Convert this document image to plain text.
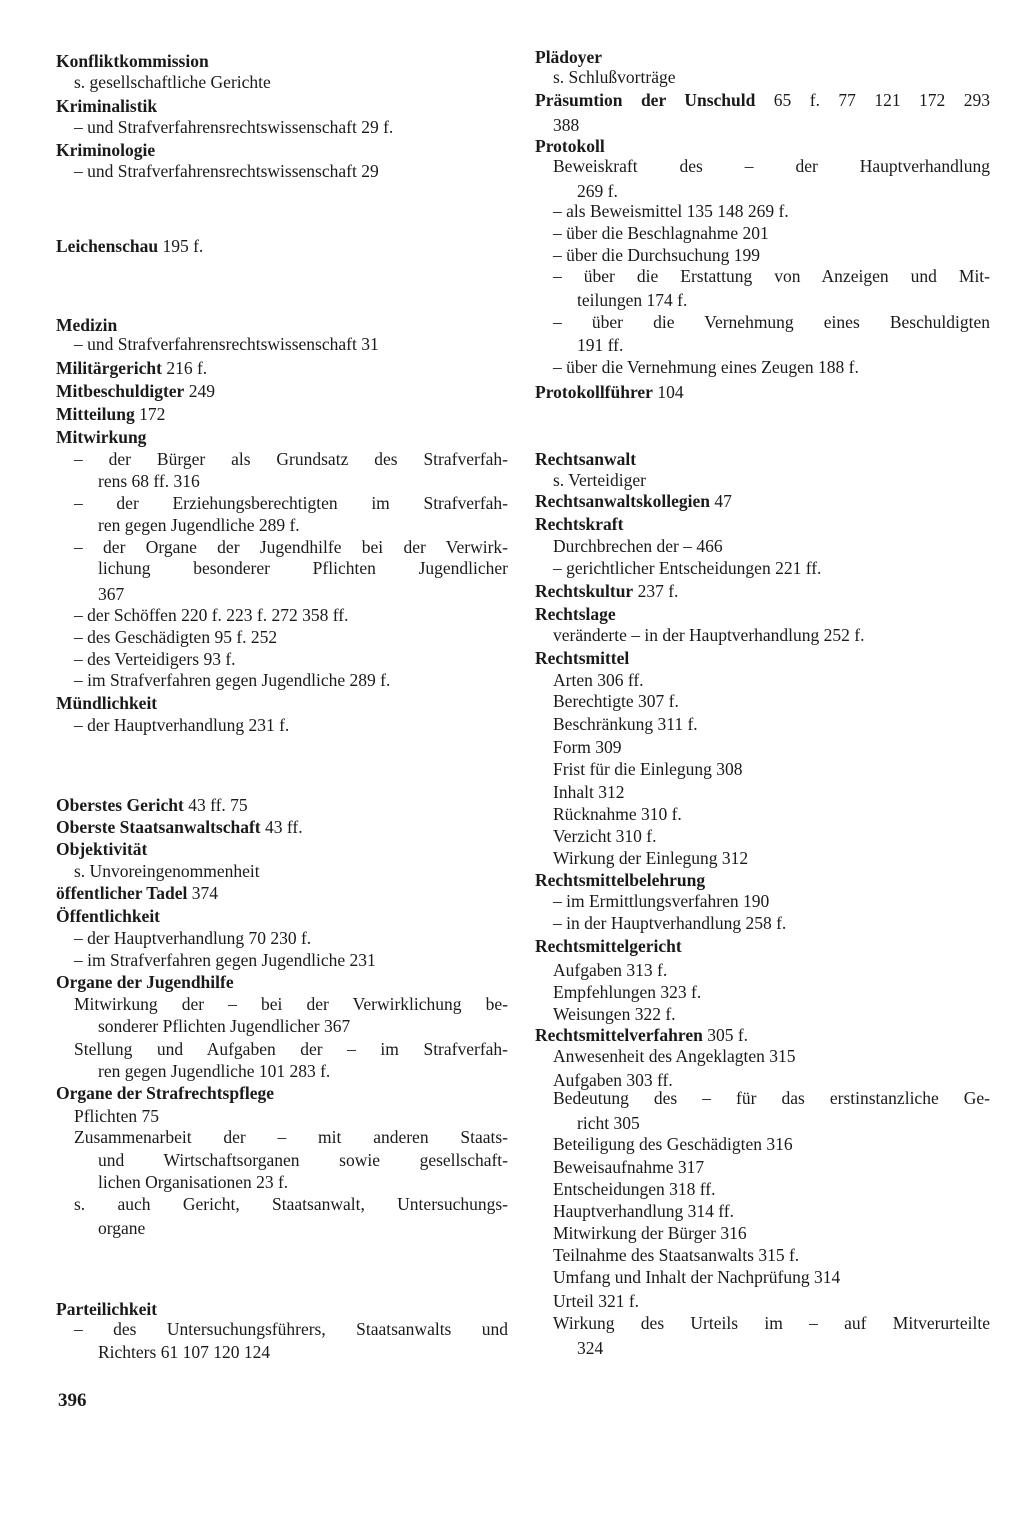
Konfliktkommission
s. gesellschaftliche Gerichte
Kriminalistik
– und Strafverfahrensrechtswissenschaft 29 f.
Kriminologie
– und Strafverfahrensrechtswissenschaft 29
Leichenschau 195 f.
Medizin
– und Strafverfahrensrechtswissenschaft 31
Militärgericht 216 f.
Mitbeschuldigter 249
Mitteilung 172
Mitwirkung
– der Bürger als Grundsatz des Strafverfah-
rens 68 ff. 316
– der Erziehungsberechtigten im Strafverfah-
ren gegen Jugendliche 289 f.
– der Organe der Jugendhilfe bei der Verwirk-
lichung besonderer Pflichten Jugendlicher
367
– der Schöffen 220 f. 223 f. 272 358 ff.
– des Geschädigten 95 f. 252
– des Verteidigers 93 f.
– im Strafverfahren gegen Jugendliche 289 f.
Mündlichkeit
– der Hauptverhandlung 231 f.
Oberstes Gericht 43 ff. 75
Oberste Staatsanwaltschaft 43 ff.
Objektivität
s. Unvoreingenommenheit
öffentlicher Tadel 374
Öffentlichkeit
– der Hauptverhandlung 70 230 f.
– im Strafverfahren gegen Jugendliche 231
Organe der Jugendhilfe
Mitwirkung der – bei der Verwirklichung be-
sonderer Pflichten Jugendlicher 367
Stellung und Aufgaben der – im Strafverfah-
ren gegen Jugendliche 101 283 f.
Organe der Strafrechtspflege
Pflichten 75
Zusammenarbeit der – mit anderen Staats-
und Wirtschaftsorganen sowie gesellschaft-
lichen Organisationen 23 f.
s. auch Gericht, Staatsanwalt, Untersuchungs-
organe
Parteilichkeit
– des Untersuchungsführers, Staatsanwalts und
Richters 61 107 120 124
Plädoyer
s. Schlußvorträge
Präsumtion der Unschuld 65 f. 77 121 172 293
388
Protokoll
Beweiskraft des – der Hauptverhandlung
269 f.
– als Beweismittel 135 148 269 f.
– über die Beschlagnahme 201
– über die Durchsuchung 199
– über die Erstattung von Anzeigen und Mit-
teilungen 174 f.
– über die Vernehmung eines Beschuldigten
191 ff.
– über die Vernehmung eines Zeugen 188 f.
Protokollführer 104
Rechtsanwalt
s. Verteidiger
Rechtsanwaltskollegien 47
Rechtskraft
Durchbrechen der – 466
– gerichtlicher Entscheidungen 221 ff.
Rechtskultur 237 f.
Rechtslage
veränderte – in der Hauptverhandlung 252 f.
Rechtsmittel
Arten 306 ff.
Berechtigte 307 f.
Beschränkung 311 f.
Form 309
Frist für die Einlegung 308
Inhalt 312
Rücknahme 310 f.
Verzicht 310 f.
Wirkung der Einlegung 312
Rechtsmittelbelehrung
– im Ermittlungsverfahren 190
– in der Hauptverhandlung 258 f.
Rechtsmittelgericht
Aufgaben 313 f.
Empfehlungen 323 f.
Weisungen 322 f.
Rechtsmittelverfahren 305 f.
Anwesenheit des Angeklagten 315
Aufgaben 303 ff.
Bedeutung des – für das erstinstanzliche Ge-
richt 305
Beteiligung des Geschädigten 316
Beweisaufnahme 317
Entscheidungen 318 ff.
Hauptverhandlung 314 ff.
Mitwirkung der Bürger 316
Teilnahme des Staatsanwalts 315 f.
Umfang und Inhalt der Nachprüfung 314
Urteil 321 f.
Wirkung des Urteils im – auf Mitverurteilte
324
396
